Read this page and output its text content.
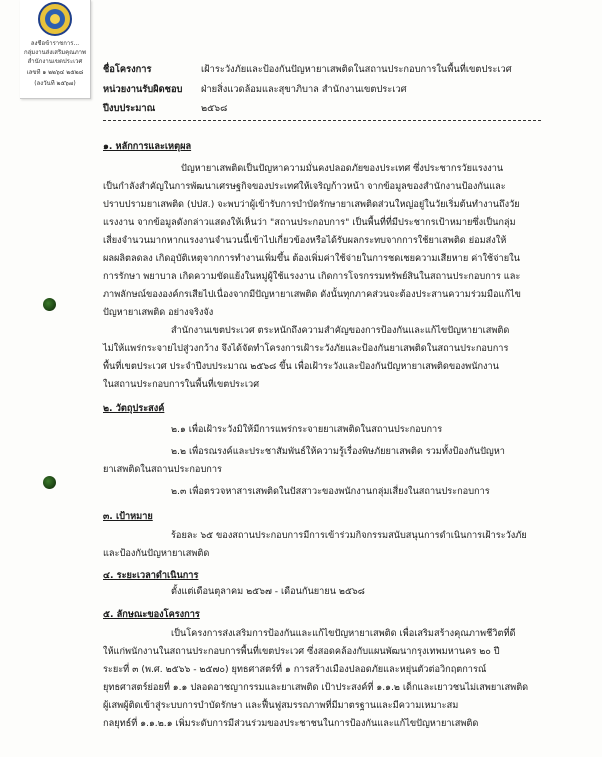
ลงชื่อข้าราชการ...
กลุ่มงานส่งเสริมคุณภาพ
สำนักงานเขตประเวศ
เลขที่ ๑ ๒๒๖๔ ๒๕๒๘
(ลงวันที่ ๒๕๖๗)
ชื่อโครงการ	เฝ้าระวังภัยและป้องกันปัญหายาเสพติดในสถานประกอบการในพื้นที่เขตประเวศ
หน่วยงานรับผิดชอบ ฝ่ายสิ่งแวดล้อมและสุขาภิบาล สำนักงานเขตประเวศ
ปีงบประมาณ	๒๕๖๘
๑. หลักการและเหตุผล
ปัญหายาเสพติดเป็นปัญหาความมั่นคงปลอดภัยของประเทศ ซึ่งประชากรวัยแรงงาน
เป็นกำลังสำคัญในการพัฒนาเศรษฐกิจของประเทศให้เจริญก้าวหน้า จากข้อมูลของสำนักงานป้องกันและ
ปราบปรามยาเสพติด (ปปส.) จะพบว่าผู้เข้ารับการบำบัดรักษายาเสพติดส่วนใหญ่อยู่ในวัยเริ่มต้นทำงานถึงวัย
แรงงาน จากข้อมูลดังกล่าวแสดงให้เห็นว่า "สถานประกอบการ" เป็นพื้นที่ที่มีประชากรเป้าหมายซึ่งเป็นกลุ่ม
เสี่ยงจำนวนมากหากแรงงานจำนวนนี้เข้าไปเกี่ยวข้องหรือได้รับผลกระทบจากการใช้ยาเสพติด ย่อมส่งให้
ผลผลิตลดลง เกิดอุบัติเหตุจากการทำงานเพิ่มขึ้น ต้องเพิ่มค่าใช้จ่ายในการชดเชยความเสียหาย ค่าใช้จ่ายใน
การรักษา พยาบาล เกิดความขัดแย้งในหมู่ผู้ใช้แรงงาน เกิดการโจรกรรมทรัพย์สินในสถานประกอบการ และ
ภาพลักษณ์ขององค์กรเสียไปเนื่องจากมีปัญหายาเสพติด ดังนั้นทุกภาคส่วนจะต้องประสานความร่วมมือแก้ไข
ปัญหายาเสพติด อย่างจริงจัง
สำนักงานเขตประเวศ ตระหนักถึงความสำคัญของการป้องกันและแก้ไขปัญหายาเสพติด
ไม่ให้แพร่กระจายไปสู่วงกว้าง จึงได้จัดทำโครงการเฝ้าระวังภัยและป้องกันยาเสพติดในสถานประกอบการ
พื้นที่เขตประเวศ ประจำปีงบประมาณ ๒๕๖๘ ขึ้น เพื่อเฝ้าระวังและป้องกันปัญหายาเสพติดของพนักงาน
ในสถานประกอบการในพื้นที่เขตประเวศ
๒. วัตถุประสงค์
๒.๑ เพื่อเฝ้าระวังมิให้มีการแพร่กระจายยาเสพติดในสถานประกอบการ
๒.๒ เพื่อรณรงค์และประชาสัมพันธ์ให้ความรู้เรื่องพิษภัยยาเสพติด รวมทั้งป้องกันปัญหา
ยาเสพติดในสถานประกอบการ
๒.๓ เพื่อตรวจหาสารเสพติดในปัสสาวะของพนักงานกลุ่มเสี่ยงในสถานประกอบการ
๓. เป้าหมาย
ร้อยละ ๖๕ ของสถานประกอบการมีการเข้าร่วมกิจกรรมสนับสนุนการดำเนินการเฝ้าระวังภัย
และป้องกันปัญหายาเสพติด
๔. ระยะเวลาดำเนินการ
ตั้งแต่เดือนตุลาคม ๒๕๖๗ - เดือนกันยายน ๒๕๖๘
๕. ลักษณะของโครงการ
เป็นโครงการส่งเสริมการป้องกันและแก้ไขปัญหายาเสพติด เพื่อเสริมสร้างคุณภาพชีวิตที่ดี
ให้แก่พนักงานในสถานประกอบการพื้นที่เขตประเวศ ซึ่งสอดคล้องกับแผนพัฒนากรุงเทพมหานคร ๒๐ ปี
ระยะที่ ๓ (พ.ศ. ๒๕๖๖ - ๒๕๗๐) ยุทธศาสตร์ที่ ๑ การสร้างเมืองปลอดภัยและหยุ่นตัวต่อวิกฤตการณ์
ยุทธศาสตร์ย่อยที่ ๑.๑ ปลอดอาชญากรรมและยาเสพติด เป้าประสงค์ที่ ๑.๑.๒ เด็กและเยาวชนไม่เสพยาเสพติด
ผู้เสพผู้ติดเข้าสู่ระบบการบำบัดรักษา และฟื้นฟูสมรรถภาพที่มีมาตรฐานและมีความเหมาะสม
กลยุทธ์ที่ ๑.๑.๒.๑ เพิ่มระดับการมีส่วนร่วมของประชาชนในการป้องกันและแก้ไขปัญหายาเสพติด
